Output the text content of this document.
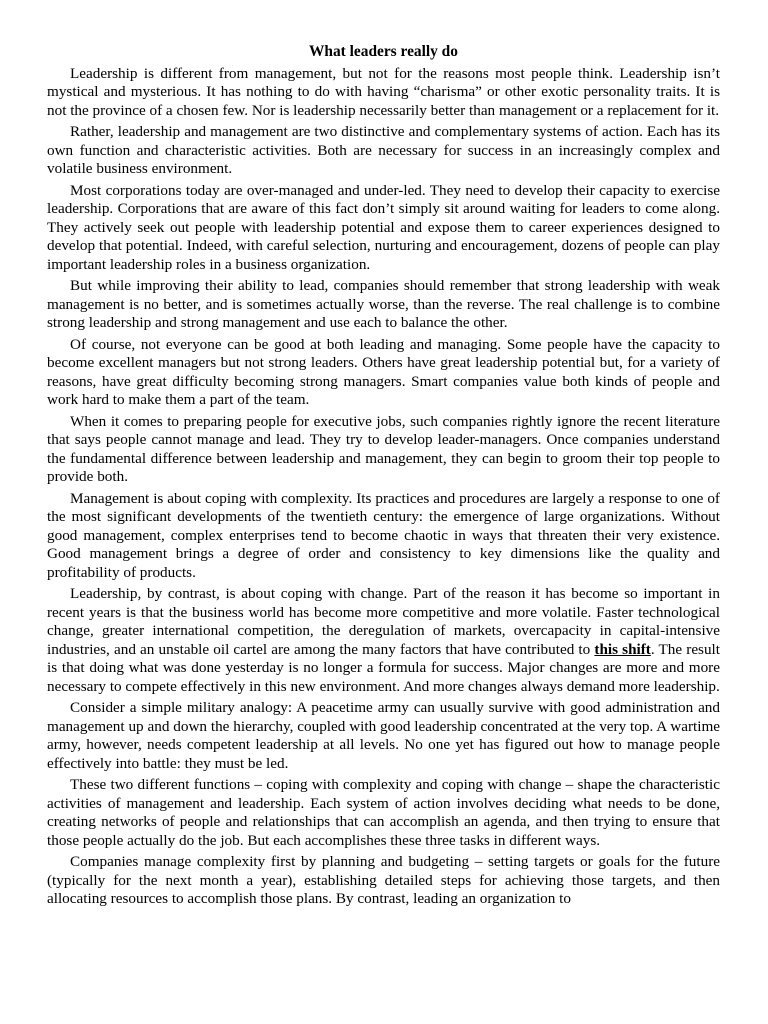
What leaders really do

Leadership is different from management, but not for the reasons most people think. Leadership isn’t mystical and mysterious. It has nothing to do with having “charisma” or other exotic personality traits. It is not the province of a chosen few. Nor is leadership necessarily better than management or a replacement for it.

Rather, leadership and management are two distinctive and complementary systems of action. Each has its own function and characteristic activities. Both are necessary for success in an increasingly complex and volatile business environment.

Most corporations today are over-managed and under-led. They need to develop their capacity to exercise leadership. Corporations that are aware of this fact don’t simply sit around waiting for leaders to come along. They actively seek out people with leadership potential and expose them to career experiences designed to develop that potential. Indeed, with careful selection, nurturing and encouragement, dozens of people can play important leadership roles in a business organization.

But while improving their ability to lead, companies should remember that strong leadership with weak management is no better, and is sometimes actually worse, than the reverse. The real challenge is to combine strong leadership and strong management and use each to balance the other.

Of course, not everyone can be good at both leading and managing. Some people have the capacity to become excellent managers but not strong leaders. Others have great leadership potential but, for a variety of reasons, have great difficulty becoming strong managers. Smart companies value both kinds of people and work hard to make them a part of the team.

When it comes to preparing people for executive jobs, such companies rightly ignore the recent literature that says people cannot manage and lead. They try to develop leader-managers. Once companies understand the fundamental difference between leadership and management, they can begin to groom their top people to provide both.

Management is about coping with complexity. Its practices and procedures are largely a response to one of the most significant developments of the twentieth century: the emergence of large organizations. Without good management, complex enterprises tend to become chaotic in ways that threaten their very existence. Good management brings a degree of order and consistency to key dimensions like the quality and profitability of products.

Leadership, by contrast, is about coping with change. Part of the reason it has become so important in recent years is that the business world has become more competitive and more volatile. Faster technological change, greater international competition, the deregulation of markets, overcapacity in capital-intensive industries, and an unstable oil cartel are among the many factors that have contributed to this shift. The result is that doing what was done yesterday is no longer a formula for success. Major changes are more and more necessary to compete effectively in this new environment. And more changes always demand more leadership.

Consider a simple military analogy: A peacetime army can usually survive with good administration and management up and down the hierarchy, coupled with good leadership concentrated at the very top. A wartime army, however, needs competent leadership at all levels. No one yet has figured out how to manage people effectively into battle: they must be led.

These two different functions – coping with complexity and coping with change – shape the characteristic activities of management and leadership. Each system of action involves deciding what needs to be done, creating networks of people and relationships that can accomplish an agenda, and then trying to ensure that those people actually do the job. But each accomplishes these three tasks in different ways.

Companies manage complexity first by planning and budgeting – setting targets or goals for the future (typically for the next month a year), establishing detailed steps for achieving those targets, and then allocating resources to accomplish those plans. By contrast, leading an organization to
